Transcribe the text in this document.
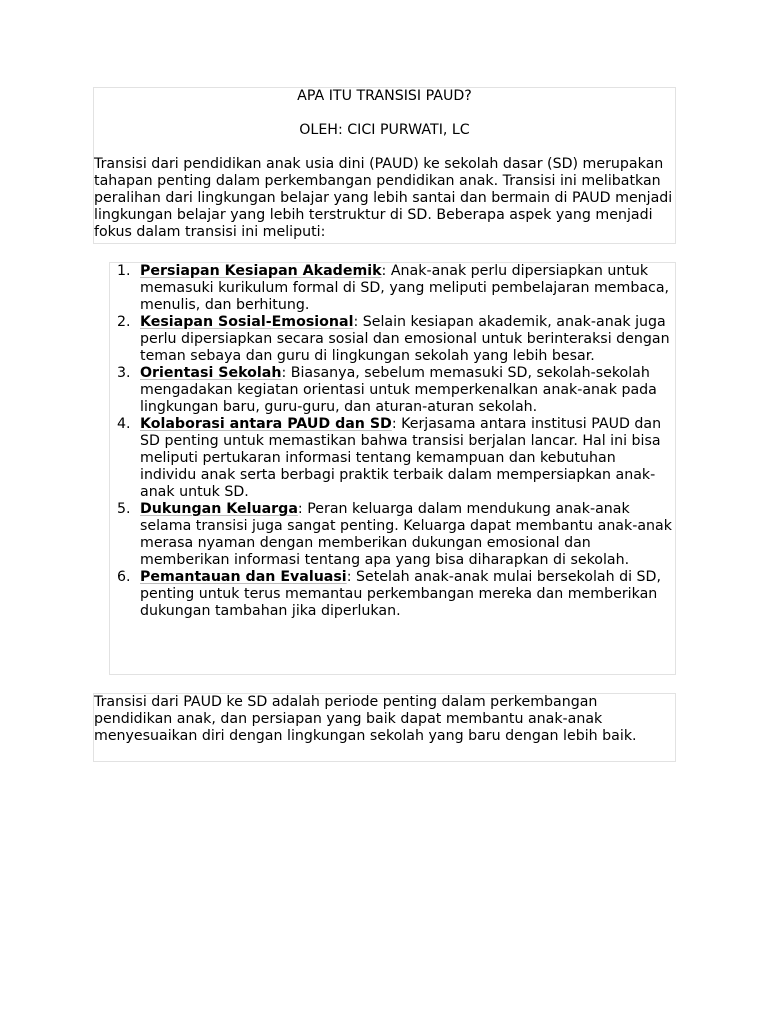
APA ITU TRANSISI PAUD?

OLEH: CICI PURWATI, LC

Transisi dari pendidikan anak usia dini (PAUD) ke sekolah dasar (SD) merupakan tahapan penting dalam perkembangan pendidikan anak. Transisi ini melibatkan peralihan dari lingkungan belajar yang lebih santai dan bermain di PAUD menjadi lingkungan belajar yang lebih terstruktur di SD. Beberapa aspek yang menjadi fokus dalam transisi ini meliputi:

1. Persiapan Kesiapan Akademik: Anak-anak perlu dipersiapkan untuk memasuki kurikulum formal di SD, yang meliputi pembelajaran membaca, menulis, dan berhitung.
2. Kesiapan Sosial-Emosional: Selain kesiapan akademik, anak-anak juga perlu dipersiapkan secara sosial dan emosional untuk berinteraksi dengan teman sebaya dan guru di lingkungan sekolah yang lebih besar.
3. Orientasi Sekolah: Biasanya, sebelum memasuki SD, sekolah-sekolah mengadakan kegiatan orientasi untuk memperkenalkan anak-anak pada lingkungan baru, guru-guru, dan aturan-aturan sekolah.
4. Kolaborasi antara PAUD dan SD: Kerjasama antara institusi PAUD dan SD penting untuk memastikan bahwa transisi berjalan lancar. Hal ini bisa meliputi pertukaran informasi tentang kemampuan dan kebutuhan individu anak serta berbagi praktik terbaik dalam mempersiapkan anak-anak untuk SD.
5. Dukungan Keluarga: Peran keluarga dalam mendukung anak-anak selama transisi juga sangat penting. Keluarga dapat membantu anak-anak merasa nyaman dengan memberikan dukungan emosional dan memberikan informasi tentang apa yang bisa diharapkan di sekolah.
6. Pemantauan dan Evaluasi: Setelah anak-anak mulai bersekolah di SD, penting untuk terus memantau perkembangan mereka dan memberikan dukungan tambahan jika diperlukan.

Transisi dari PAUD ke SD adalah periode penting dalam perkembangan pendidikan anak, dan persiapan yang baik dapat membantu anak-anak menyesuaikan diri dengan lingkungan sekolah yang baru dengan lebih baik.
